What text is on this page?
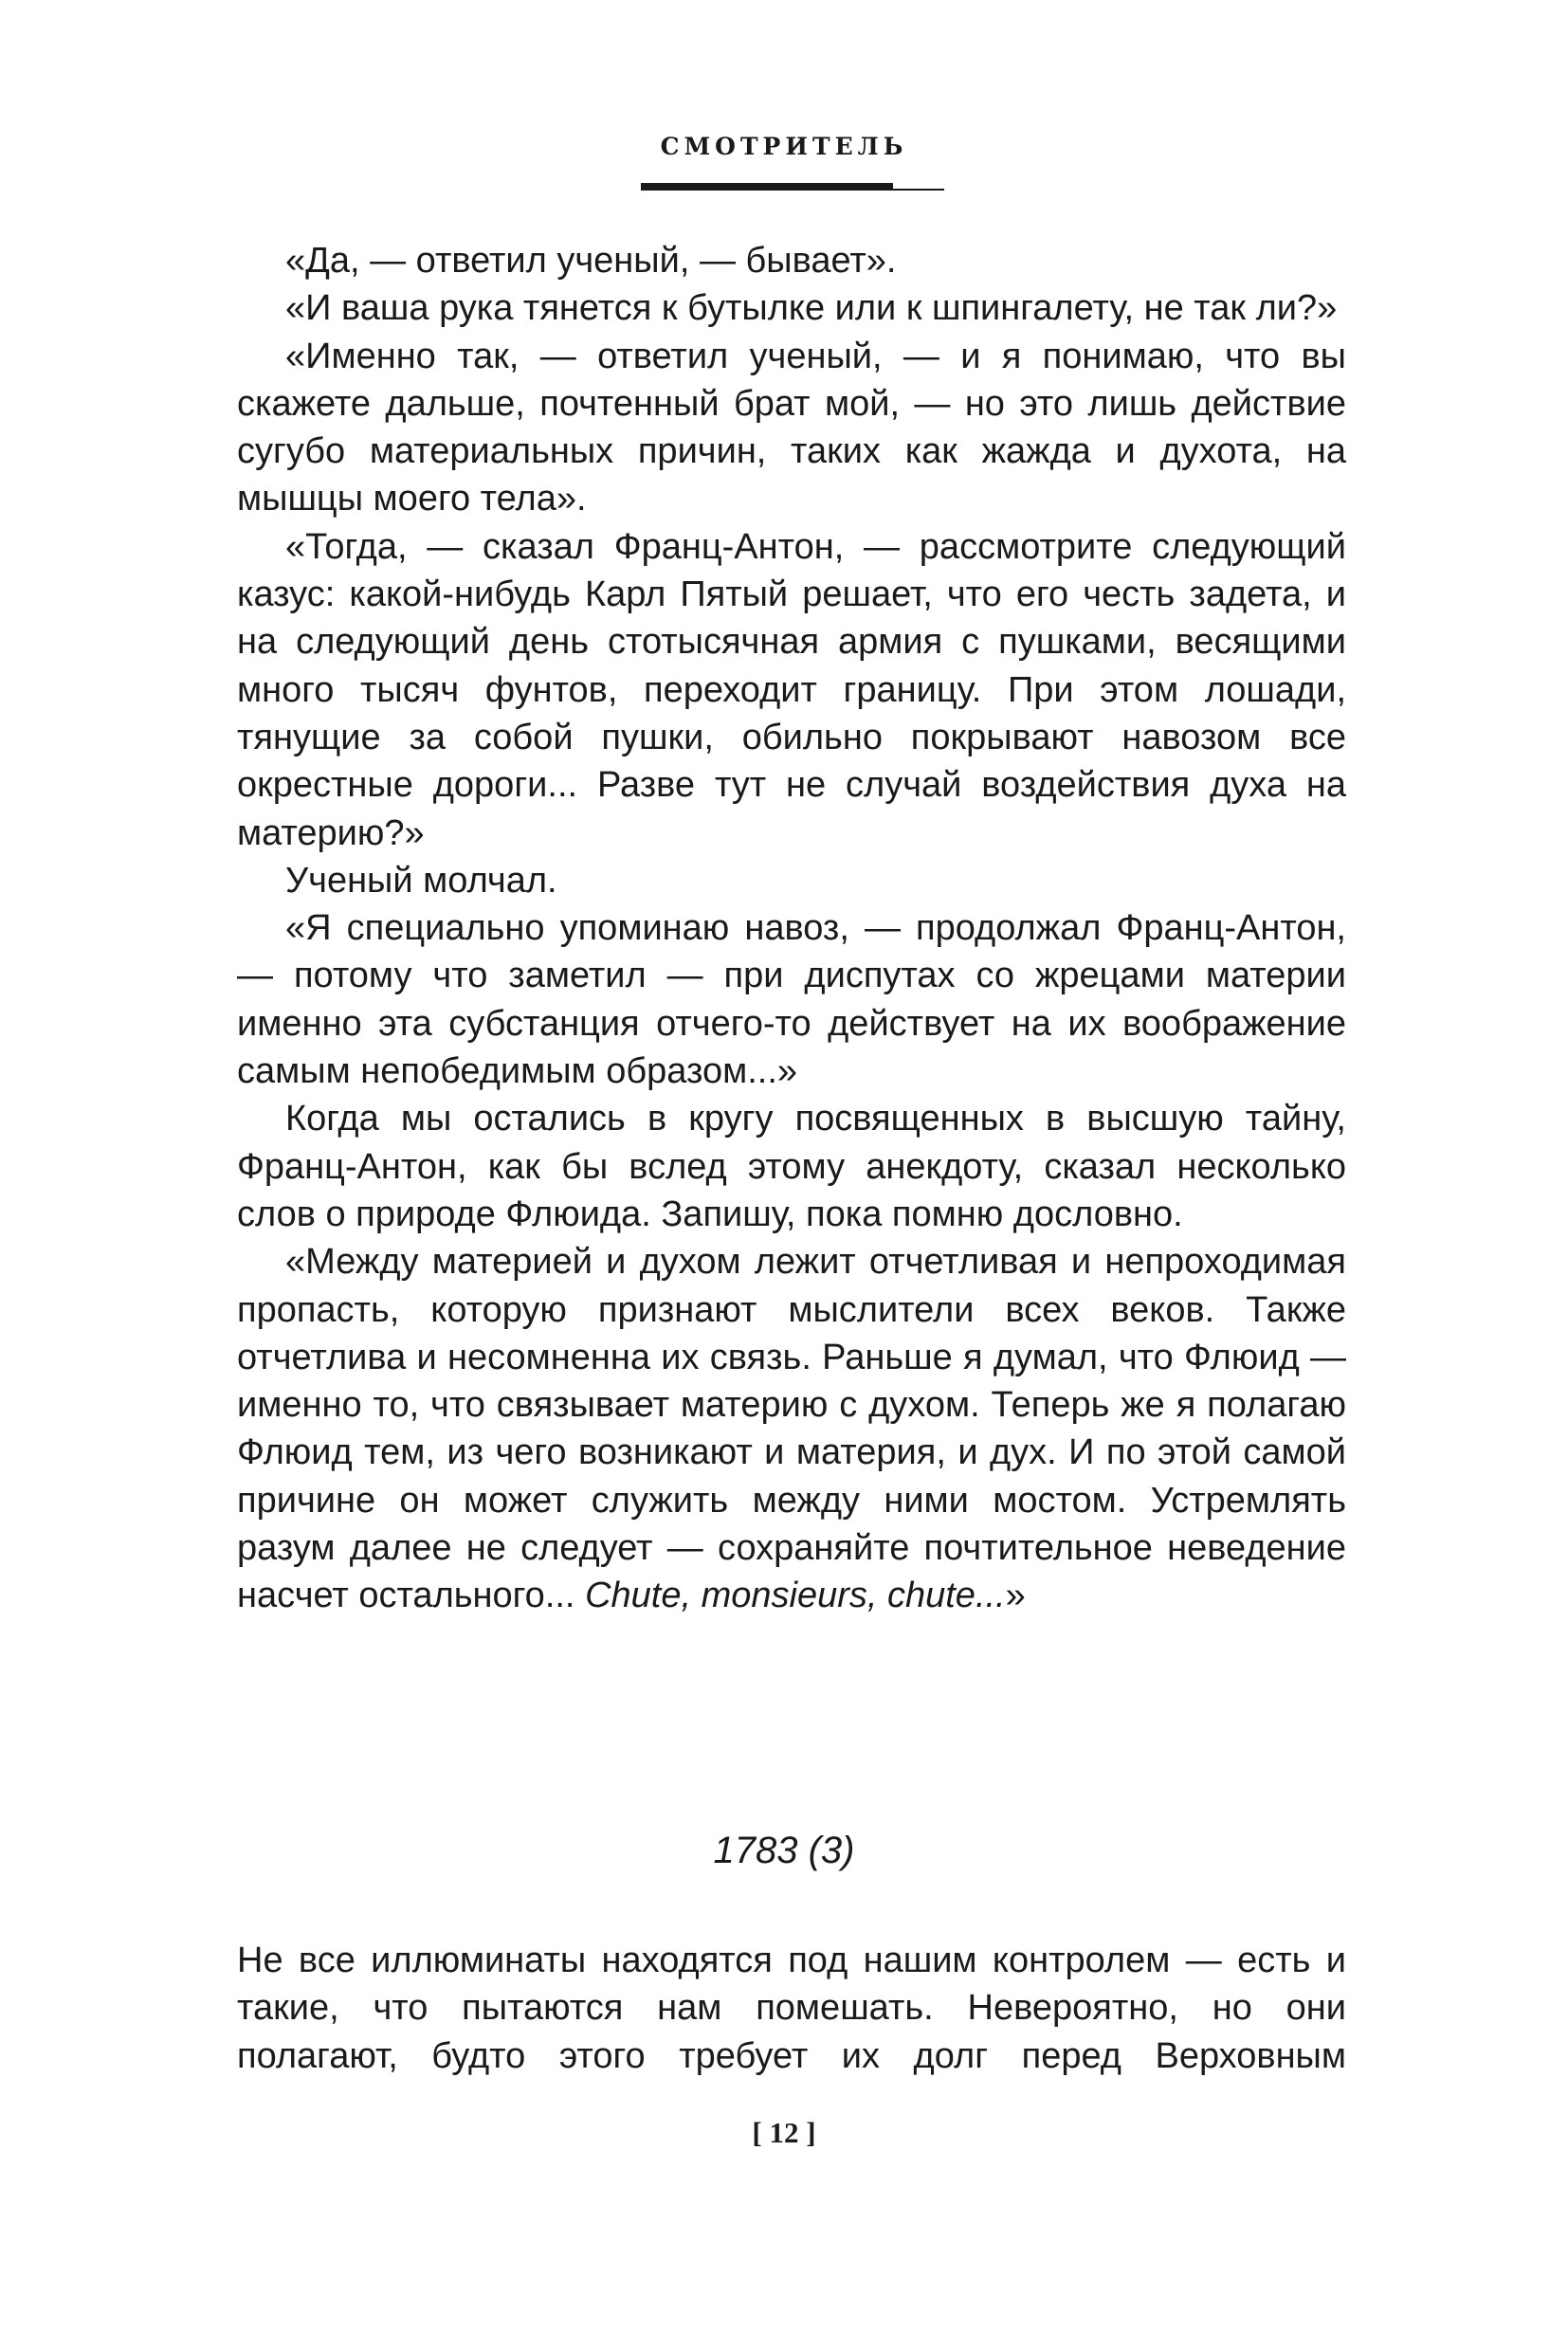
СМОТРИТЕЛЬ

«Да, — ответил ученый, — бывает».

«И ваша рука тянется к бутылке или к шпингалету, не так ли?»

«Именно так, — ответил ученый, — и я понимаю, что вы скажете дальше, почтенный брат мой, — но это лишь действие сугубо материальных причин, таких как жажда и духота, на мышцы моего тела».

«Тогда, — сказал Франц-Антон, — рассмотрите следующий казус: какой-нибудь Карл Пятый решает, что его честь задета, и на следующий день стотысячная армия с пушками, весящими много тысяч фунтов, переходит границу. При этом лошади, тянущие за собой пушки, обильно покрывают навозом все окрестные дороги... Разве тут не случай воздействия духа на материю?»

Ученый молчал.

«Я специально упоминаю навоз, — продолжал Франц-Антон, — потому что заметил — при диспутах со жрецами материи именно эта субстанция отчего-то действует на их воображение самым непобедимым образом...»

Когда мы остались в кругу посвященных в высшую тайну, Франц-Антон, как бы вслед этому анекдоту, сказал несколько слов о природе Флюида. Запишу, пока помню дословно.

«Между материей и духом лежит отчетливая и непроходимая пропасть, которую признают мыслители всех веков. Также отчетлива и несомненна их связь. Раньше я думал, что Флюид — именно то, что связывает материю с духом. Теперь же я полагаю Флюид тем, из чего возникают и материя, и дух. И по этой самой причине он может служить между ними мостом. Устремлять разум далее не следует — сохраняйте почтительное неведение насчет остального... Chute, monsieurs, chute...»

1783 (3)

Не все иллюминаты находятся под нашим контролем — есть и такие, что пытаются нам помешать. Невероятно, но они полагают, будто этого требует их долг перед Верховным

[ 12 ]
